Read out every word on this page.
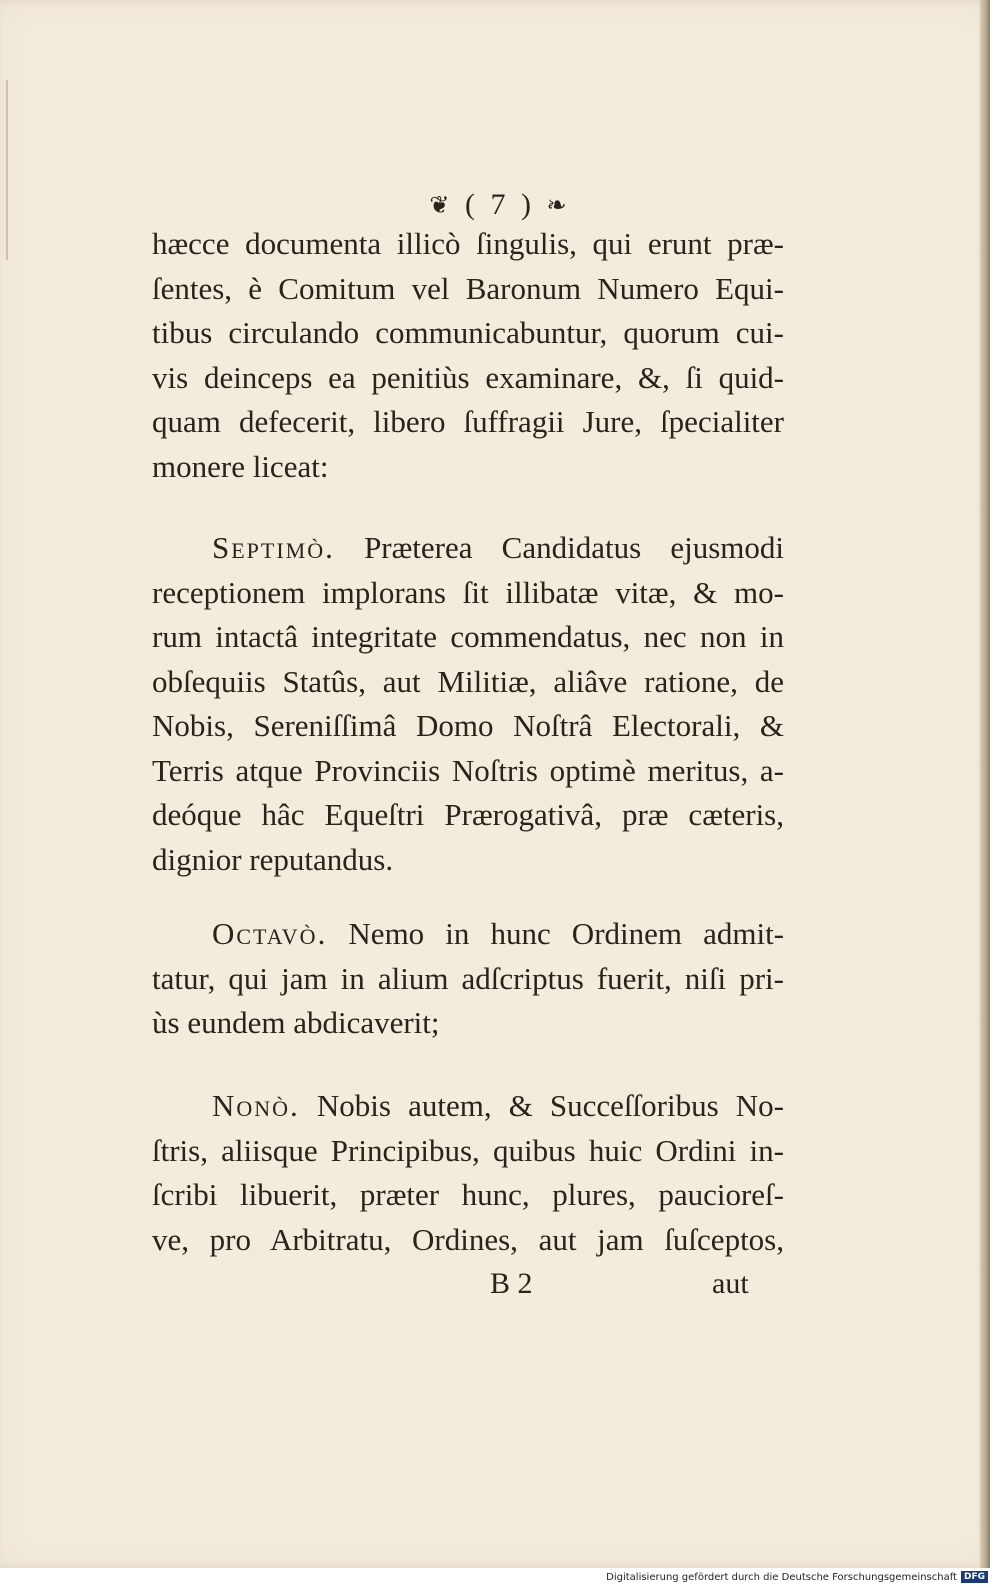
❦ ( 7 ) ❧
hæcce documenta illicò ſingulis, qui erunt præ-
ſentes, è Comitum vel Baronum Numero Equi-
tibus circulando communicabuntur, quorum cui-
vis deinceps ea penitiùs examinare, &, ſi quid-
quam defecerit, libero ſuffragii Jure, ſpecialiter
monere liceat:
Septimò. Præterea Candidatus ejusmodi
receptionem implorans ſit illibatæ vitæ, & mo-
rum intactâ integritate commendatus, nec non in
obſequiis Statûs, aut Militiæ, aliâve ratione, de
Nobis, Sereniſſimâ Domo Noſtrâ Electorali, &
Terris atque Provinciis Noſtris optimè meritus, a-
deóque hâc Equeſtri Prærogativâ, præ cæteris,
dignior reputandus.
Octavò. Nemo in hunc Ordinem admit-
tatur, qui jam in alium adſcriptus fuerit, niſi pri-
ùs eundem abdicaverit;
Nonò. Nobis autem, & Succeſſoribus No-
ſtris, aliisque Principibus, quibus huic Ordini in-
ſcribi libuerit, præter hunc, plures, paucioreſ-
ve, pro Arbitratu, Ordines, aut jam ſuſceptos,
B 2	aut
Digitalisierung gefördert durch die Deutsche Forschungsgemeinschaft DFG
